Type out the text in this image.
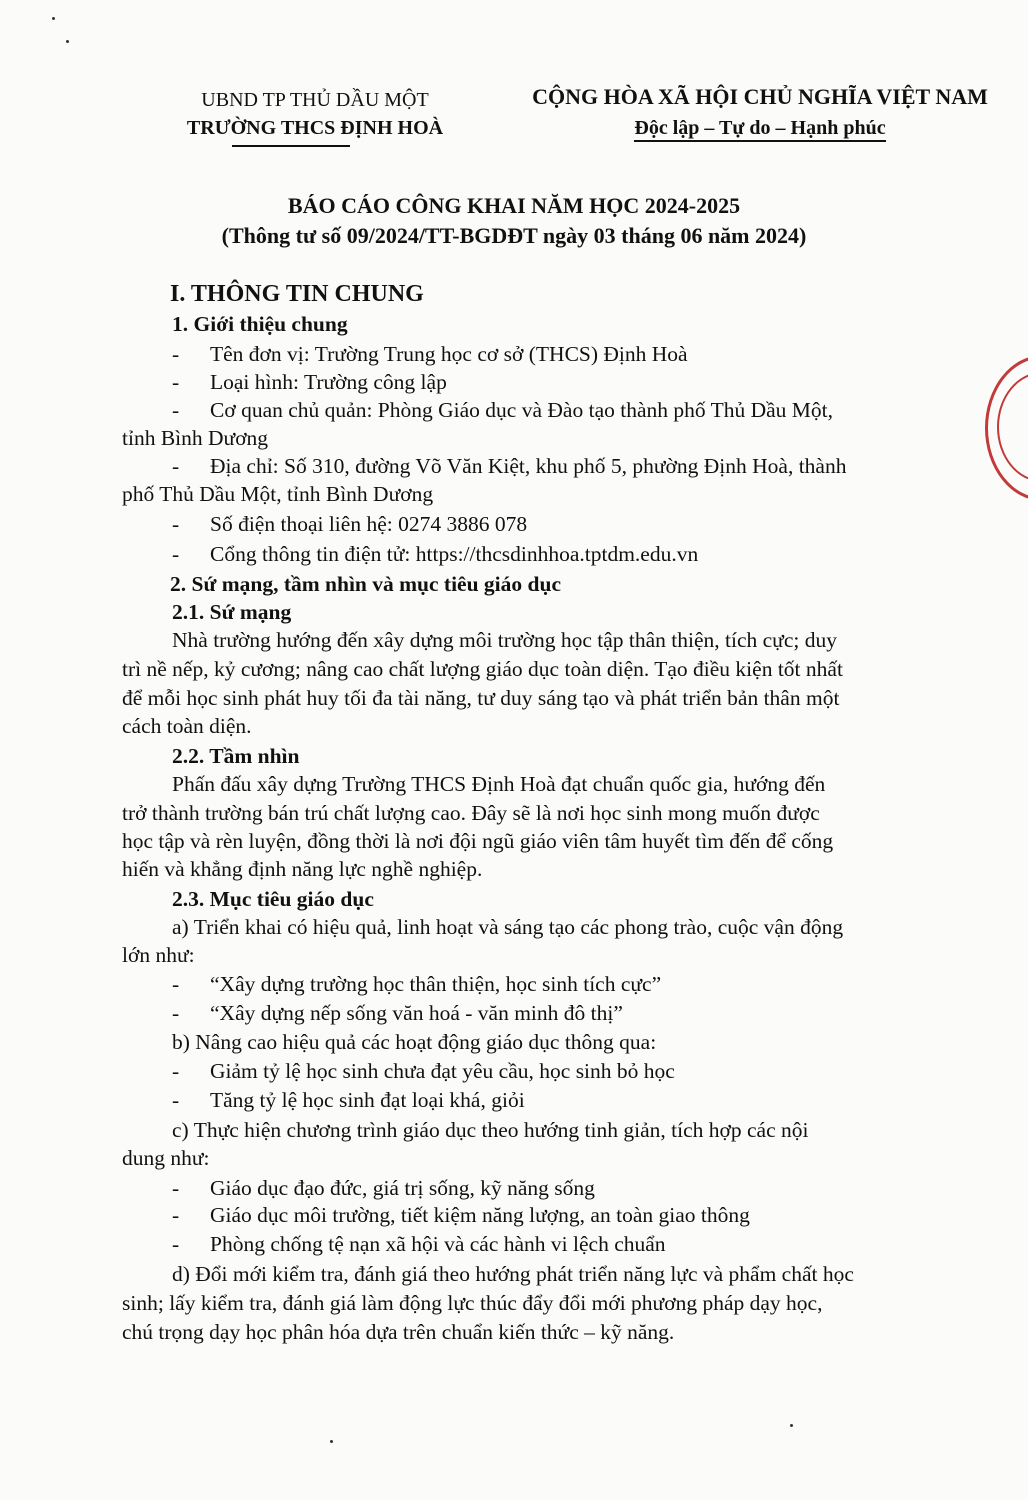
UBND TP THỦ DẦU MỘT
TRƯỜNG THCS ĐỊNH HOÀ
CỘNG HÒA XÃ HỘI CHỦ NGHĨA VIỆT NAM
Độc lập – Tự do – Hạnh phúc
BÁO CÁO CÔNG KHAI NĂM HỌC 2024-2025
(Thông tư số 09/2024/TT-BGDĐT ngày 03 tháng 06 năm 2024)
I. THÔNG TIN CHUNG
1. Giới thiệu chung
- Tên đơn vị: Trường Trung học cơ sở (THCS) Định Hoà
- Loại hình: Trường công lập
- Cơ quan chủ quản: Phòng Giáo dục và Đào tạo thành phố Thủ Dầu Một,
tỉnh Bình Dương
- Địa chỉ: Số 310, đường Võ Văn Kiệt, khu phố 5, phường Định Hoà, thành
phố Thủ Dầu Một, tỉnh Bình Dương
- Số điện thoại liên hệ: 0274 3886 078
- Cổng thông tin điện tử: https://thcsdinhhoa.tptdm.edu.vn
2. Sứ mạng, tầm nhìn và mục tiêu giáo dục
2.1. Sứ mạng
Nhà trường hướng đến xây dựng môi trường học tập thân thiện, tích cực; duy
trì nề nếp, kỷ cương; nâng cao chất lượng giáo dục toàn diện. Tạo điều kiện tốt nhất
để mỗi học sinh phát huy tối đa tài năng, tư duy sáng tạo và phát triển bản thân một
cách toàn diện.
2.2. Tầm nhìn
Phấn đấu xây dựng Trường THCS Định Hoà đạt chuẩn quốc gia, hướng đến
trở thành trường bán trú chất lượng cao. Đây sẽ là nơi học sinh mong muốn được
học tập và rèn luyện, đồng thời là nơi đội ngũ giáo viên tâm huyết tìm đến để cống
hiến và khẳng định năng lực nghề nghiệp.
2.3. Mục tiêu giáo dục
a) Triển khai có hiệu quả, linh hoạt và sáng tạo các phong trào, cuộc vận động
lớn như:
- “Xây dựng trường học thân thiện, học sinh tích cực”
- “Xây dựng nếp sống văn hoá - văn minh đô thị”
b) Nâng cao hiệu quả các hoạt động giáo dục thông qua:
- Giảm tỷ lệ học sinh chưa đạt yêu cầu, học sinh bỏ học
- Tăng tỷ lệ học sinh đạt loại khá, giỏi
c) Thực hiện chương trình giáo dục theo hướng tinh giản, tích hợp các nội
dung như:
- Giáo dục đạo đức, giá trị sống, kỹ năng sống
- Giáo dục môi trường, tiết kiệm năng lượng, an toàn giao thông
- Phòng chống tệ nạn xã hội và các hành vi lệch chuẩn
d) Đổi mới kiểm tra, đánh giá theo hướng phát triển năng lực và phẩm chất học
sinh; lấy kiểm tra, đánh giá làm động lực thúc đẩy đổi mới phương pháp dạy học,
chú trọng dạy học phân hóa dựa trên chuẩn kiến thức – kỹ năng.
